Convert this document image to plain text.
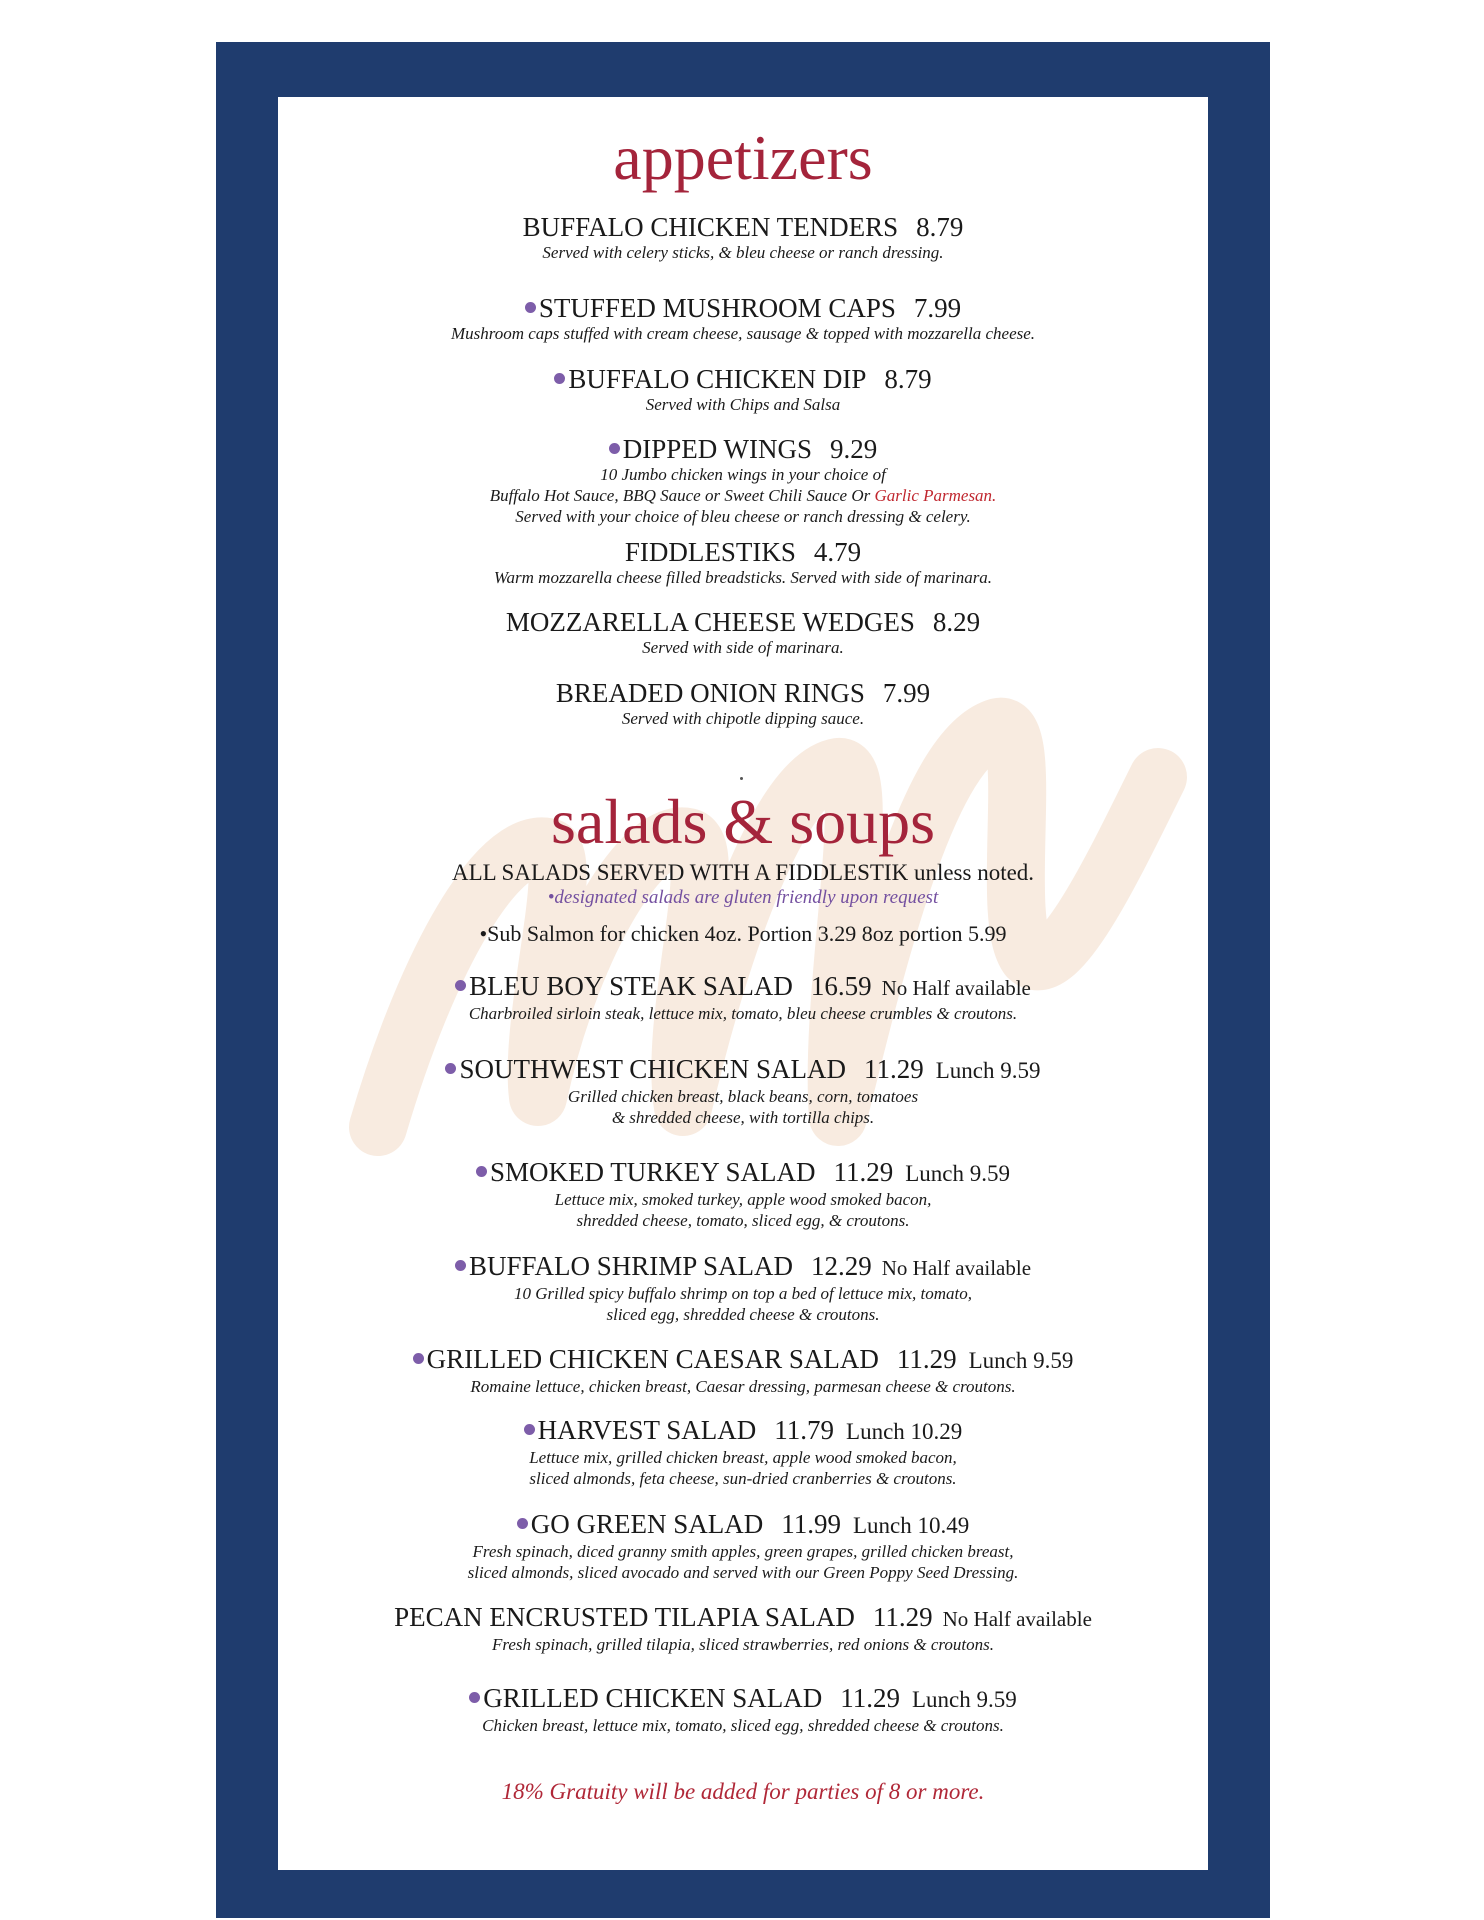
appetizers
BUFFALO CHICKEN TENDERS 8.79
Served with celery sticks, & bleu cheese or ranch dressing.
STUFFED MUSHROOM CAPS 7.99
Mushroom caps stuffed with cream cheese, sausage & topped with mozzarella cheese.
BUFFALO CHICKEN DIP 8.79
Served with Chips and Salsa
DIPPED WINGS 9.29
10 Jumbo chicken wings in your choice of
Buffalo Hot Sauce, BBQ Sauce or Sweet Chili Sauce Or Garlic Parmesan.
Served with your choice of bleu cheese or ranch dressing & celery.
FIDDLESTIKS 4.79
Warm mozzarella cheese filled breadsticks. Served with side of marinara.
MOZZARELLA CHEESE WEDGES 8.29
Served with side of marinara.
BREADED ONION RINGS 7.99
Served with chipotle dipping sauce.
salads & soups
ALL SALADS SERVED WITH A FIDDLESTIK unless noted.
•designated salads are gluten friendly upon request
•Sub Salmon for chicken 4oz. Portion 3.29 8oz portion 5.99
BLEU BOY STEAK SALAD 16.59 No Half available
Charbroiled sirloin steak, lettuce mix, tomato, bleu cheese crumbles & croutons.
SOUTHWEST CHICKEN SALAD 11.29 Lunch 9.59
Grilled chicken breast, black beans, corn, tomatoes
& shredded cheese, with tortilla chips.
SMOKED TURKEY SALAD 11.29 Lunch 9.59
Lettuce mix, smoked turkey, apple wood smoked bacon,
shredded cheese, tomato, sliced egg, & croutons.
BUFFALO SHRIMP SALAD 12.29 No Half available
10 Grilled spicy buffalo shrimp on top a bed of lettuce mix, tomato,
sliced egg, shredded cheese & croutons.
GRILLED CHICKEN CAESAR SALAD 11.29 Lunch 9.59
Romaine lettuce, chicken breast, Caesar dressing, parmesan cheese & croutons.
HARVEST SALAD 11.79 Lunch 10.29
Lettuce mix, grilled chicken breast, apple wood smoked bacon,
sliced almonds, feta cheese, sun-dried cranberries & croutons.
GO GREEN SALAD 11.99 Lunch 10.49
Fresh spinach, diced granny smith apples, green grapes, grilled chicken breast,
sliced almonds, sliced avocado and served with our Green Poppy Seed Dressing.
PECAN ENCRUSTED TILAPIA SALAD 11.29 No Half available
Fresh spinach, grilled tilapia, sliced strawberries, red onions & croutons.
GRILLED CHICKEN SALAD 11.29 Lunch 9.59
Chicken breast, lettuce mix, tomato, sliced egg, shredded cheese & croutons.
18% Gratuity will be added for parties of 8 or more.
